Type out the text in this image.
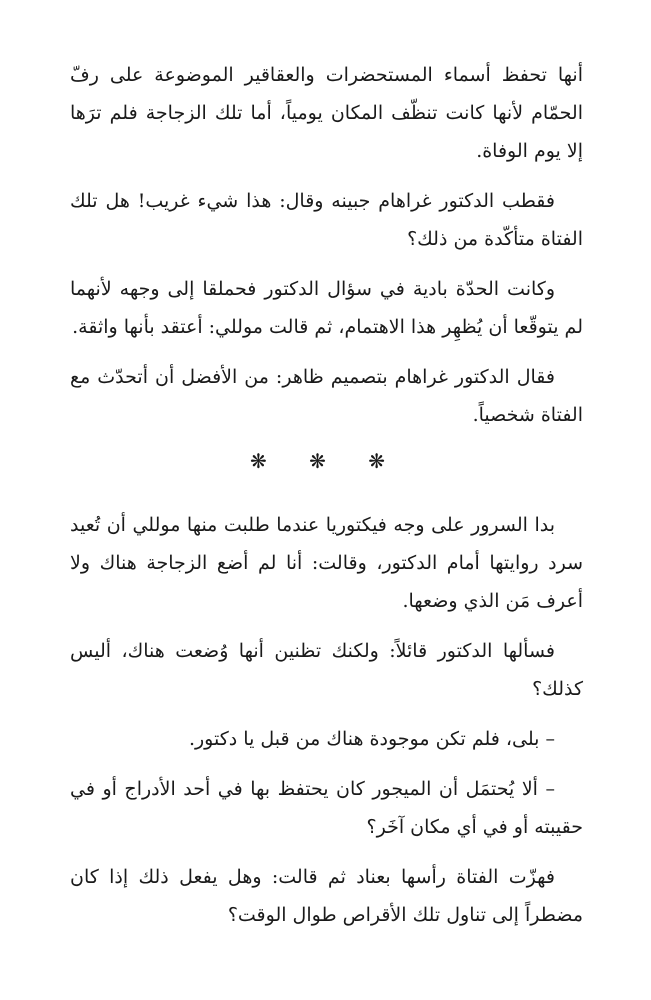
أنها تحفظ أسماء المستحضرات والعقاقير الموضوعة على رفّ الحمّام لأنها كانت تنظّف المكان يومياً، أما تلك الزجاجة فلم ترَها إلا يوم الوفاة.

فقطب الدكتور غراهام جبينه وقال: هذا شيء غريب! هل تلك الفتاة متأكّدة من ذلك؟

وكانت الحدّة بادية في سؤال الدكتور فحملقا إلى وجهه لأنهما لم يتوقّعا أن يُظهِر هذا الاهتمام، ثم قالت موللي: أعتقد بأنها واثقة.

فقال الدكتور غراهام بتصميم ظاهر: من الأفضل أن أتحدّث مع الفتاة شخصياً.

❋ ❋ ❋

بدا السرور على وجه فيكتوريا عندما طلبت منها موللي أن تُعيد سرد روايتها أمام الدكتور، وقالت: أنا لم أضع الزجاجة هناك ولا أعرف مَن الذي وضعها.

فسألها الدكتور قائلاً: ولكنك تظنين أنها وُضعت هناك، أليس كذلك؟

– بلى، فلم تكن موجودة هناك من قبل يا دكتور.

– ألا يُحتمَل أن الميجور كان يحتفظ بها في أحد الأدراج أو في حقيبته أو في أي مكان آخَر؟

فهزّت الفتاة رأسها بعناد ثم قالت: وهل يفعل ذلك إذا كان مضطراً إلى تناول تلك الأقراص طوال الوقت؟
